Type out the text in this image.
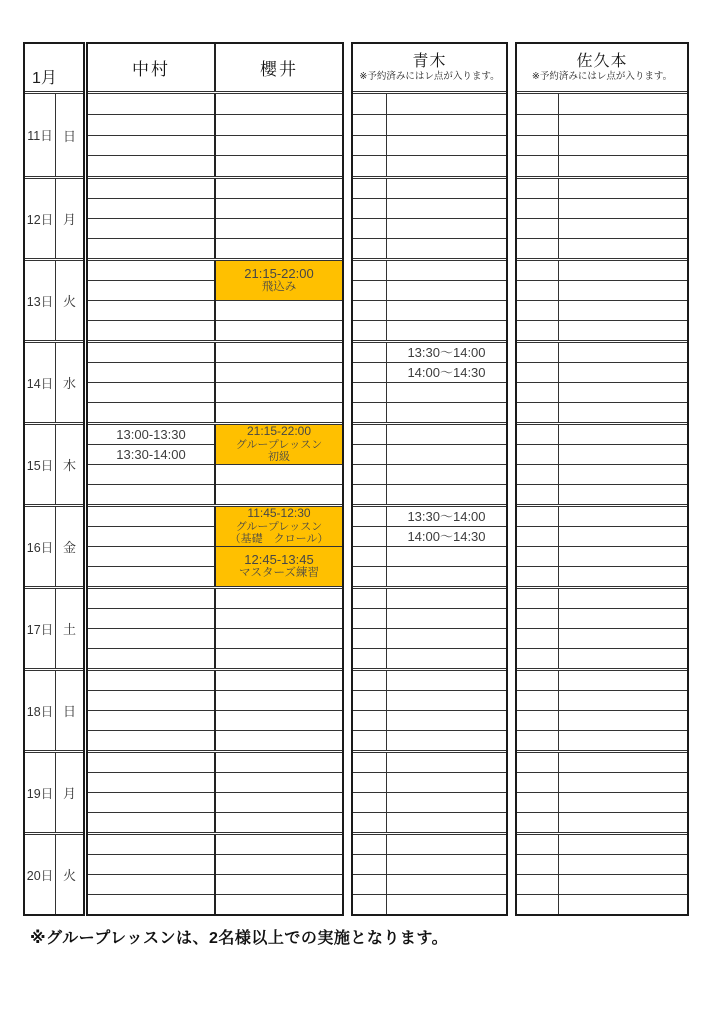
1月
11日 日
12日 月
13日 火
14日 水
15日 木
16日 金
17日 土
18日 日
19日 月
20日 火
中村	櫻井
21:15-22:00
飛込み
13:00-13:30
13:30-14:00
21:15-22:00
グループレッスン
初級
11:45-12:30
グループレッスン
（基礎　クロール）
12:45-13:45
マスターズ練習
青木
※予約済みにはレ点が入ります。
13:30～14:00
14:00～14:30
13:30～14:00
14:00～14:30
佐久本
※予約済みにはレ点が入ります。
※グループレッスンは、2名様以上での実施となります。
